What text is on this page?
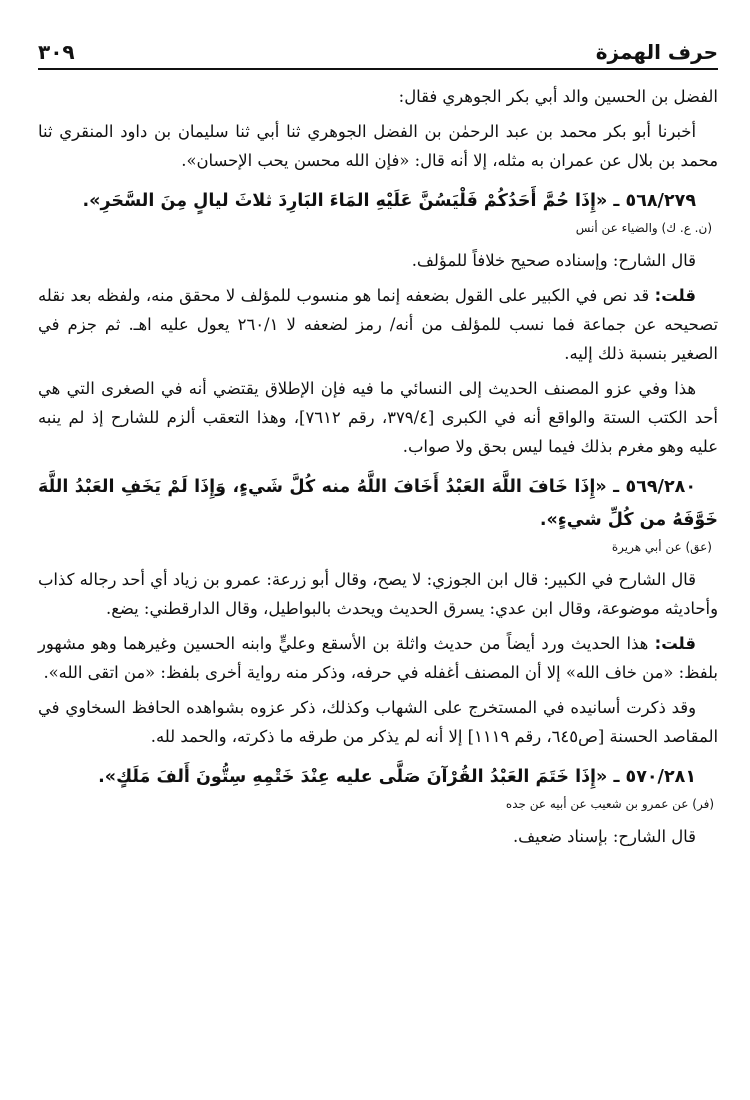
حرف الهمزة
٣٠٩

الفضل بن الحسين والد أبي بكر الجوهري فقال:

أخبرنا أبو بكر محمد بن عبد الرحمٰن بن الفضل الجوهري ثنا أبي ثنا سليمان بن داود المنقري ثنا محمد بن بلال عن عمران به مثله، إلا أنه قال: «فإن الله محسن يحب الإحسان».

٥٦٨/٢٧٩ ـ «إِذَا حُمَّ أَحَدُكُمْ فَلْيَسُنَّ عَلَيْهِ المَاءَ البَارِدَ ثلاثَ ليالٍ مِنَ السَّحَرِ».

(ن. ع. ك) والضياء عن أنس

قال الشارح: وإسناده صحيح خلافاً للمؤلف.

قلت: قد نص في الكبير على القول بضعفه إنما هو منسوب للمؤلف لا محقق منه، ولفظه بعد نقله تصحيحه عن جماعة فما نسب للمؤلف من أنه/ رمز لضعفه لا ٢٦٠/١ يعول عليه اهـ. ثم جزم في الصغير بنسبة ذلك إليه.

هذا وفي عزو المصنف الحديث إلى النسائي ما فيه فإن الإطلاق يقتضي أنه في الصغرى التي هي أحد الكتب الستة والواقع أنه في الكبرى [٣٧٩/٤، رقم ٧٦١٢]، وهذا التعقب ألزم للشارح إذ لم ينبه عليه وهو مغرم بذلك فيما ليس بحق ولا صواب.

٥٦٩/٢٨٠ ـ «إِذَا خَافَ اللَّهَ العَبْدُ أَخَافَ اللَّهُ منه كُلَّ شَيءٍ، وَإِذَا لَمْ يَخَفِ العَبْدُ اللَّهَ خَوَّفَهُ من كُلِّ شيءٍ».

(عق) عن أبي هريرة

قال الشارح في الكبير: قال ابن الجوزي: لا يصح، وقال أبو زرعة: عمرو بن زياد أي أحد رجاله كذاب وأحاديثه موضوعة، وقال ابن عدي: يسرق الحديث ويحدث بالبواطيل، وقال الدارقطني: يضع.

قلت: هذا الحديث ورد أيضاً من حديث واثلة بن الأسقع وعليٍّ وابنه الحسين وغيرهما وهو مشهور بلفظ: «من خاف الله» إلا أن المصنف أغفله في حرفه، وذكر منه رواية أخرى بلفظ: «من اتقى الله».

وقد ذكرت أسانيده في المستخرج على الشهاب وكذلك، ذكر عزوه بشواهده الحافظ السخاوي في المقاصد الحسنة [ص٦٤٥، رقم ١١١٩] إلا أنه لم يذكر من طرقه ما ذكرته، والحمد لله.

٥٧٠/٢٨١ ـ «إِذَا خَتَمَ العَبْدُ القُرْآنَ صَلَّى عليه عِنْدَ خَتْمِهِ سِتُّونَ أَلفَ مَلَكٍ».

(فر) عن عمرو بن شعيب عن أبيه عن جده

قال الشارح: بإسناد ضعيف.
